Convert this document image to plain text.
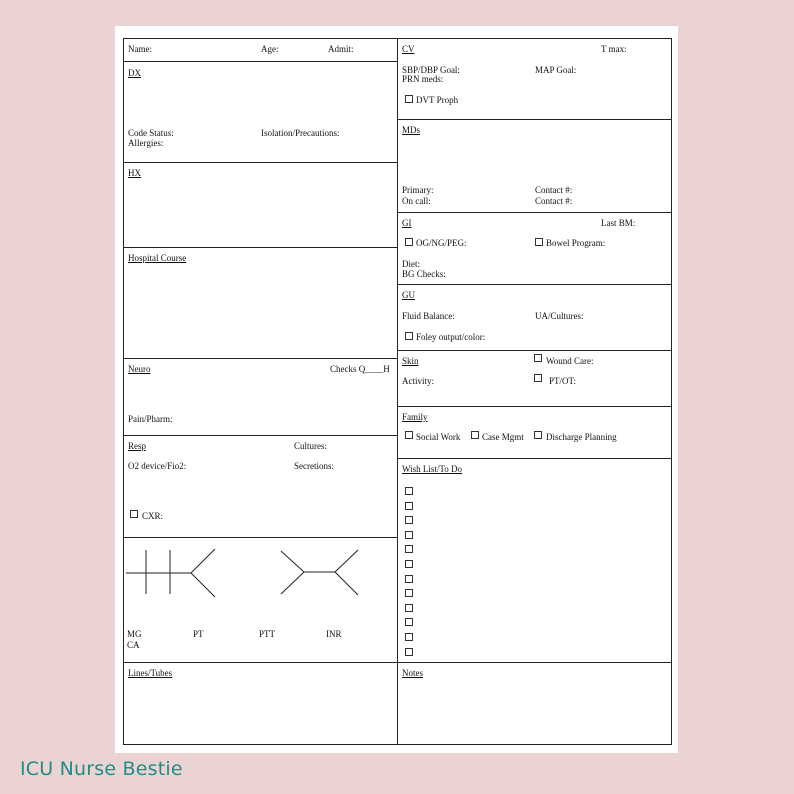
Name:	Age:	Admit:
DX
Code Status:	Isolation/Precautions:
Allergies:
HX
Hospital Course
Neuro	Checks Q____H
Pain/Pharm:
Resp	Cultures:
O2 device/Fio2:	Secretions:
CXR:
MG	PT	PTT	INR
CA
Lines/Tubes
CV	T max:
SBP/DBP Goal:	MAP Goal:
PRN meds:
DVT Proph
MDs
Primary:	Contact #:
On call:	Contact #:
GI	Last BM:
OG/NG/PEG:	Bowel Program:
Diet:
BG Checks:
GU
Fluid Balance:	UA/Cultures:
Foley output/color:
Skin	Wound Care:
Activity:	PT/OT:
Family
Social Work Case Mgmt Discharge Planning
Wish List/To Do
Notes
ICU Nurse Bestie
